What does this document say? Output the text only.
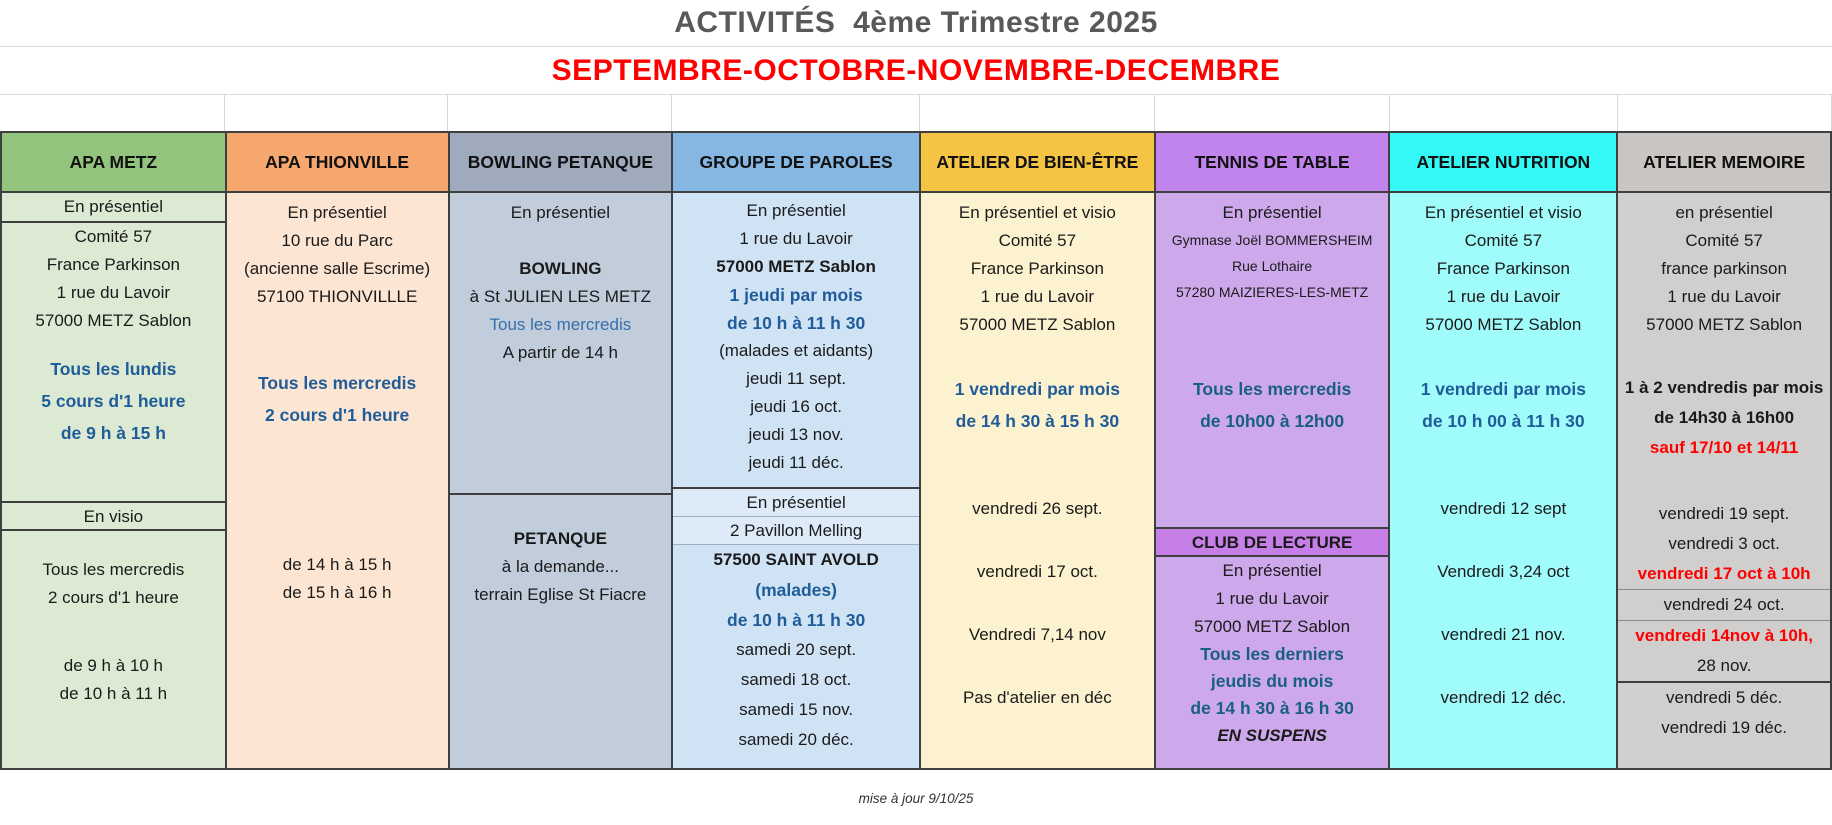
ACTIVITÉS  4ème Trimestre 2025
SEPTEMBRE-OCTOBRE-NOVEMBRE-DECEMBRE
APA METZ
En présentiel
Comité 57
France Parkinson
1 rue du Lavoir
57000 METZ Sablon
Tous les lundis
5 cours d'1 heure
de 9 h à 15 h
En visio
Tous les mercredis
2 cours d'1 heure
de 9 h à 10 h
de 10 h à 11 h
APA THIONVILLE
En présentiel
10 rue du Parc
(ancienne salle Escrime)
57100 THIONVILLLE
Tous les mercredis
2 cours d'1 heure
de 14 h à 15 h
de 15 h à 16 h
BOWLING PETANQUE
En présentiel
BOWLING
à St JULIEN LES METZ
Tous les mercredis
A partir de 14 h
PETANQUE
à la demande...
terrain Eglise St Fiacre
GROUPE DE PAROLES
En présentiel
1 rue du Lavoir
57000 METZ Sablon
1 jeudi par mois
de 10 h à 11 h 30
(malades et aidants)
jeudi 11 sept.
jeudi 16 oct.
jeudi 13 nov.
jeudi 11 déc.
En présentiel
2 Pavillon Melling
57500 SAINT AVOLD
(malades)
de 10 h à 11 h 30
samedi 20 sept.
samedi 18 oct.
samedi 15 nov.
samedi 20 déc.
ATELIER DE BIEN-ÊTRE
En présentiel et visio
Comité 57
France Parkinson
1 rue du Lavoir
57000 METZ Sablon
1 vendredi par mois
de 14 h 30 à 15 h 30
vendredi 26 sept.
vendredi 17 oct.
Vendredi 7,14 nov
Pas d'atelier en déc
TENNIS DE TABLE
En présentiel
Gymnase Joël BOMMERSHEIM
Rue Lothaire
57280 MAIZIERES-LES-METZ
Tous les mercredis
de 10h00 à 12h00
CLUB DE LECTURE
En présentiel
1 rue du Lavoir
57000 METZ Sablon
Tous les derniers
jeudis du mois
de 14 h 30 à 16 h 30
EN SUSPENS
ATELIER NUTRITION
En présentiel et visio
Comité 57
France Parkinson
1 rue du Lavoir
57000 METZ Sablon
1 vendredi par mois
de 10 h 00 à 11 h 30
vendredi 12 sept
Vendredi 3,24 oct
vendredi 21 nov.
vendredi 12 déc.
ATELIER MEMOIRE
en présentiel
Comité 57
france parkinson
1 rue du Lavoir
57000 METZ Sablon
1 à 2 vendredis par mois
de 14h30 à 16h00
sauf 17/10 et 14/11
vendredi 19 sept.
vendredi 3 oct.
vendredi 17 oct à 10h
vendredi 24 oct.
vendredi 14nov à 10h,
28 nov.
vendredi 5 déc.
vendredi 19 déc.
mise à jour 9/10/25
